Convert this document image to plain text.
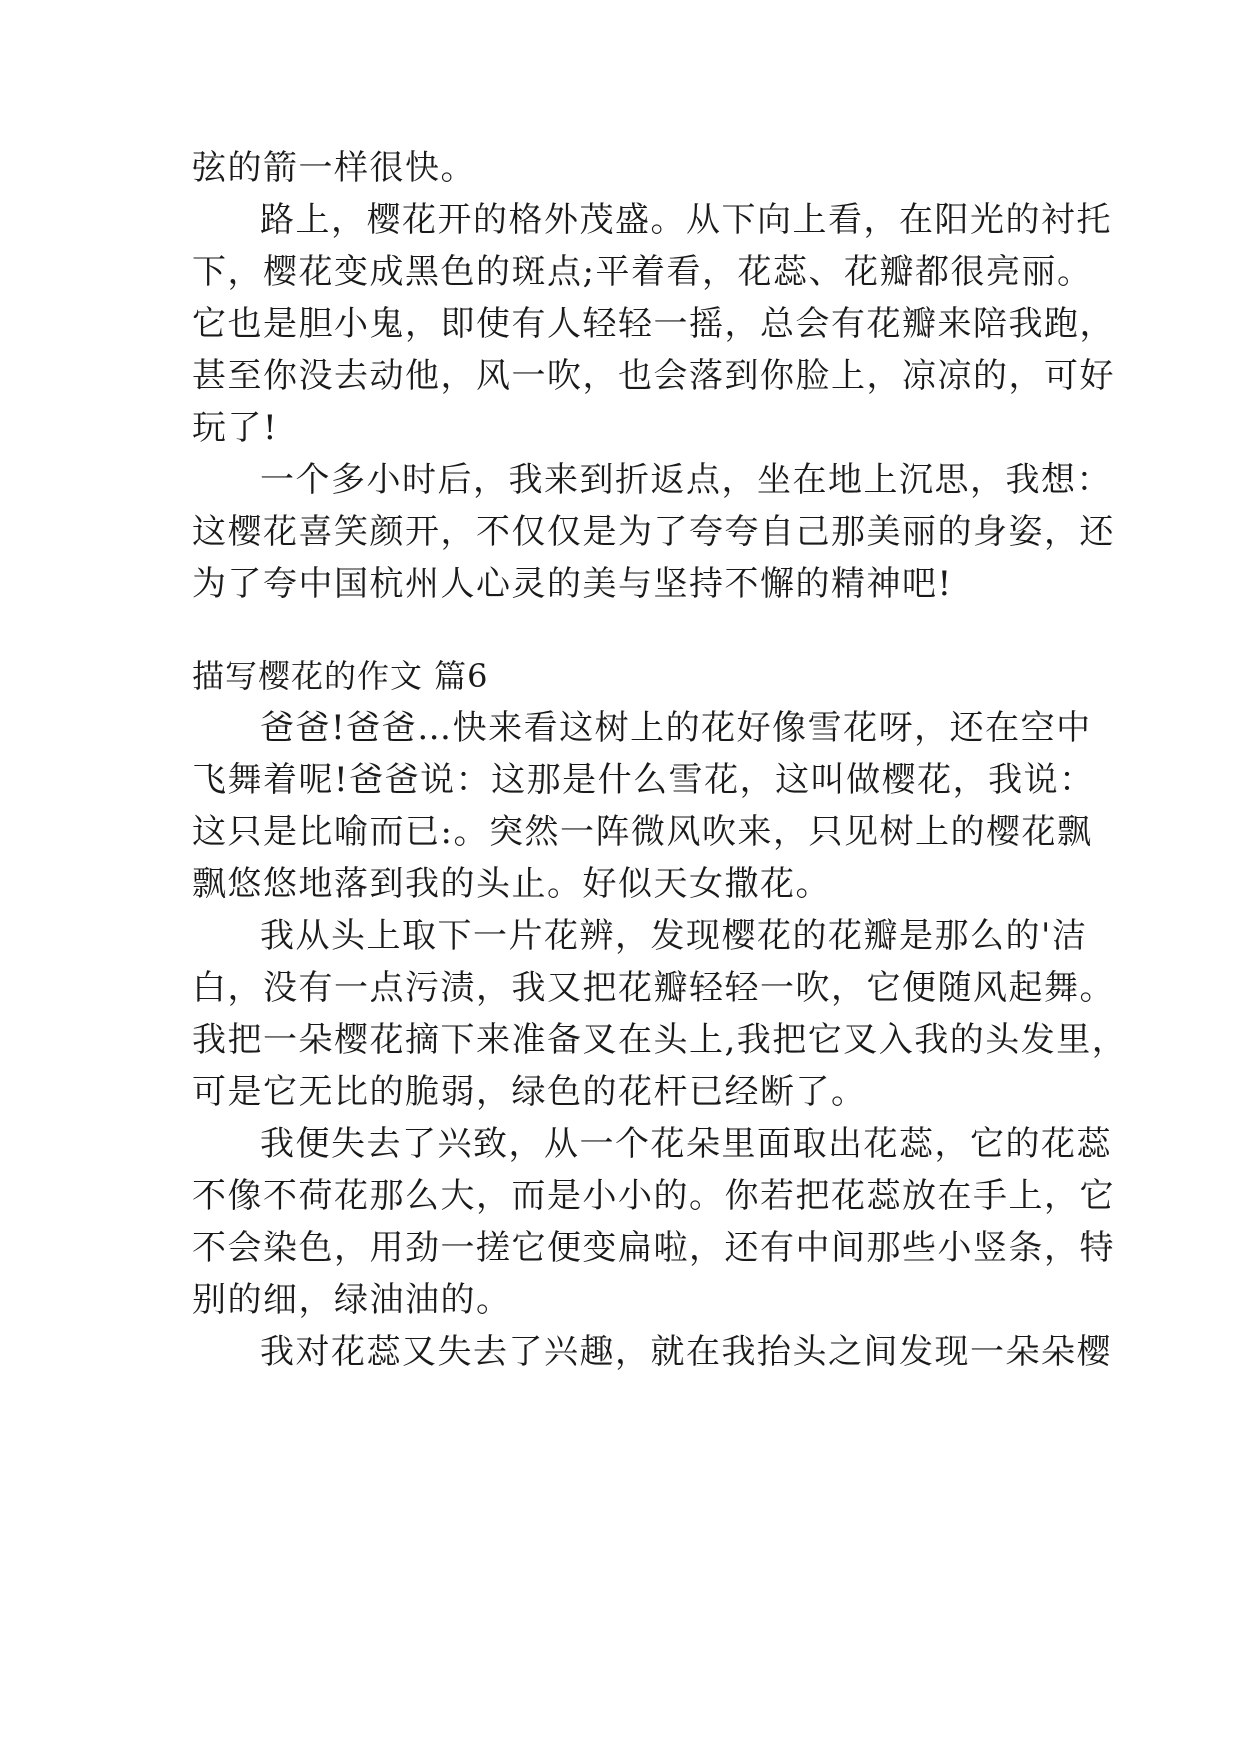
弦的箭一样很快。

路上，樱花开的格外茂盛。从下向上看，在阳光的衬托

下，樱花变成黑色的斑点;平着看，花蕊、花瓣都很亮丽。

它也是胆小鬼，即使有人轻轻一摇，总会有花瓣来陪我跑，

甚至你没去动他，风一吹，也会落到你脸上，凉凉的，可好

玩了!

一个多小时后，我来到折返点，坐在地上沉思，我想：

这樱花喜笑颜开，不仅仅是为了夸夸自己那美丽的身姿，还

为了夸中国杭州人心灵的美与坚持不懈的精神吧!

描写樱花的作文 篇6

爸爸!爸爸…快来看这树上的花好像雪花呀，还在空中

飞舞着呢!爸爸说：这那是什么雪花，这叫做樱花，我说：

这只是比喻而已:。突然一阵微风吹来，只见树上的樱花飘

飘悠悠地落到我的头止。好似天女撒花。

我从头上取下一片花辨，发现樱花的花瓣是那么的'洁

白，没有一点污渍，我又把花瓣轻轻一吹，它便随风起舞。

我把一朵樱花摘下来准备叉在头上,我把它叉入我的头发里，

可是它无比的脆弱，绿色的花杆已经断了。

我便失去了兴致，从一个花朵里面取出花蕊，它的花蕊

不像不荷花那么大，而是小小的。你若把花蕊放在手上，它

不会染色，用劲一搓它便变扁啦，还有中间那些小竖条，特

别的细，绿油油的。

我对花蕊又失去了兴趣，就在我抬头之间发现一朵朵樱
